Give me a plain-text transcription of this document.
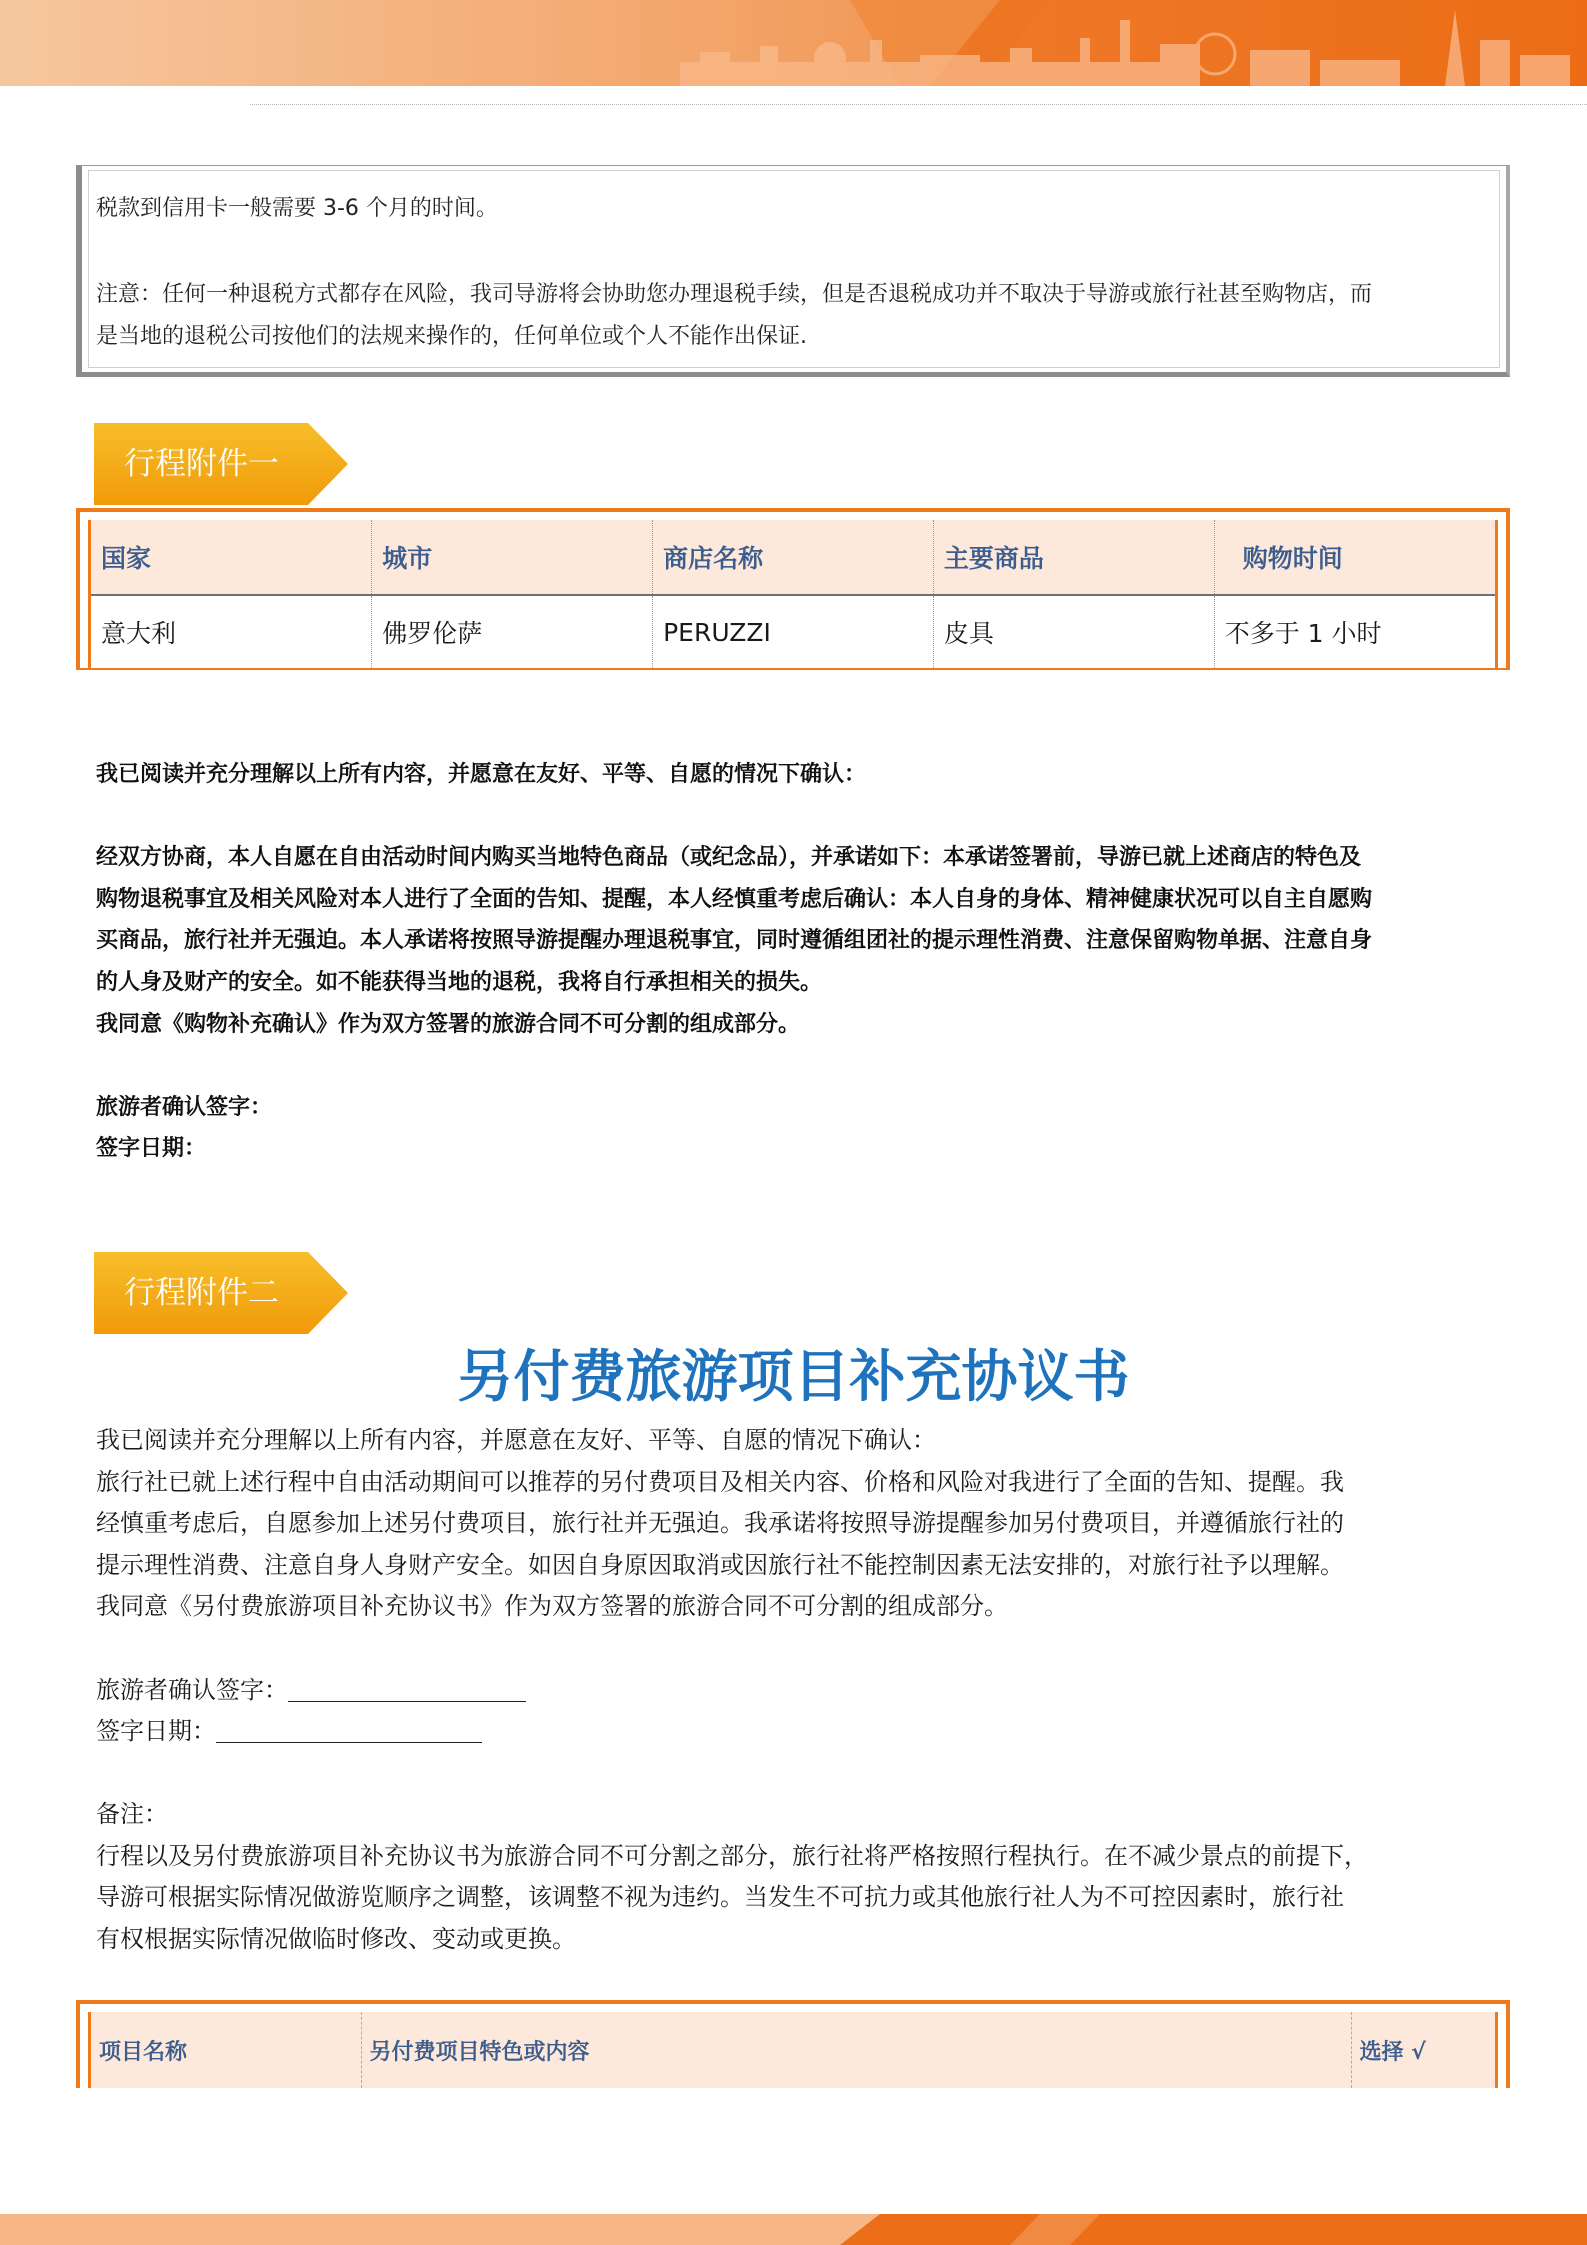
税款到信用卡一般需要 3-6 个月的时间。
注意：任何一种退税方式都存在风险，我司导游将会协助您办理退税手续，但是否退税成功并不取决于导游或旅行社甚至购物店，而
是当地的退税公司按他们的法规来操作的，任何单位或个人不能作出保证.
行程附件一
国家	城市	商店名称	主要商品	购物时间
意大利	佛罗伦萨	PERUZZI	皮具	不多于 1 小时
我已阅读并充分理解以上所有内容，并愿意在友好、平等、自愿的情况下确认：
经双方协商，本人自愿在自由活动时间内购买当地特色商品（或纪念品），并承诺如下：本承诺签署前，导游已就上述商店的特色及
购物退税事宜及相关风险对本人进行了全面的告知、提醒，本人经慎重考虑后确认：本人自身的身体、精神健康状况可以自主自愿购
买商品，旅行社并无强迫。本人承诺将按照导游提醒办理退税事宜，同时遵循组团社的提示理性消费、注意保留购物单据、注意自身
的人身及财产的安全。如不能获得当地的退税，我将自行承担相关的损失。
我同意《购物补充确认》作为双方签署的旅游合同不可分割的组成部分。
旅游者确认签字：
签字日期：
行程附件二
另付费旅游项目补充协议书
我已阅读并充分理解以上所有内容，并愿意在友好、平等、自愿的情况下确认：
旅行社已就上述行程中自由活动期间可以推荐的另付费项目及相关内容、价格和风险对我进行了全面的告知、提醒。我
经慎重考虑后，自愿参加上述另付费项目，旅行社并无强迫。我承诺将按照导游提醒参加另付费项目，并遵循旅行社的
提示理性消费、注意自身人身财产安全。如因自身原因取消或因旅行社不能控制因素无法安排的，对旅行社予以理解。
我同意《另付费旅游项目补充协议书》作为双方签署的旅游合同不可分割的组成部分。
旅游者确认签字：
签字日期：
备注：
行程以及另付费旅游项目补充协议书为旅游合同不可分割之部分，旅行社将严格按照行程执行。在不减少景点的前提下，
导游可根据实际情况做游览顺序之调整，该调整不视为违约。当发生不可抗力或其他旅行社人为不可控因素时，旅行社
有权根据实际情况做临时修改、变动或更换。
项目名称	另付费项目特色或内容	选择 √
